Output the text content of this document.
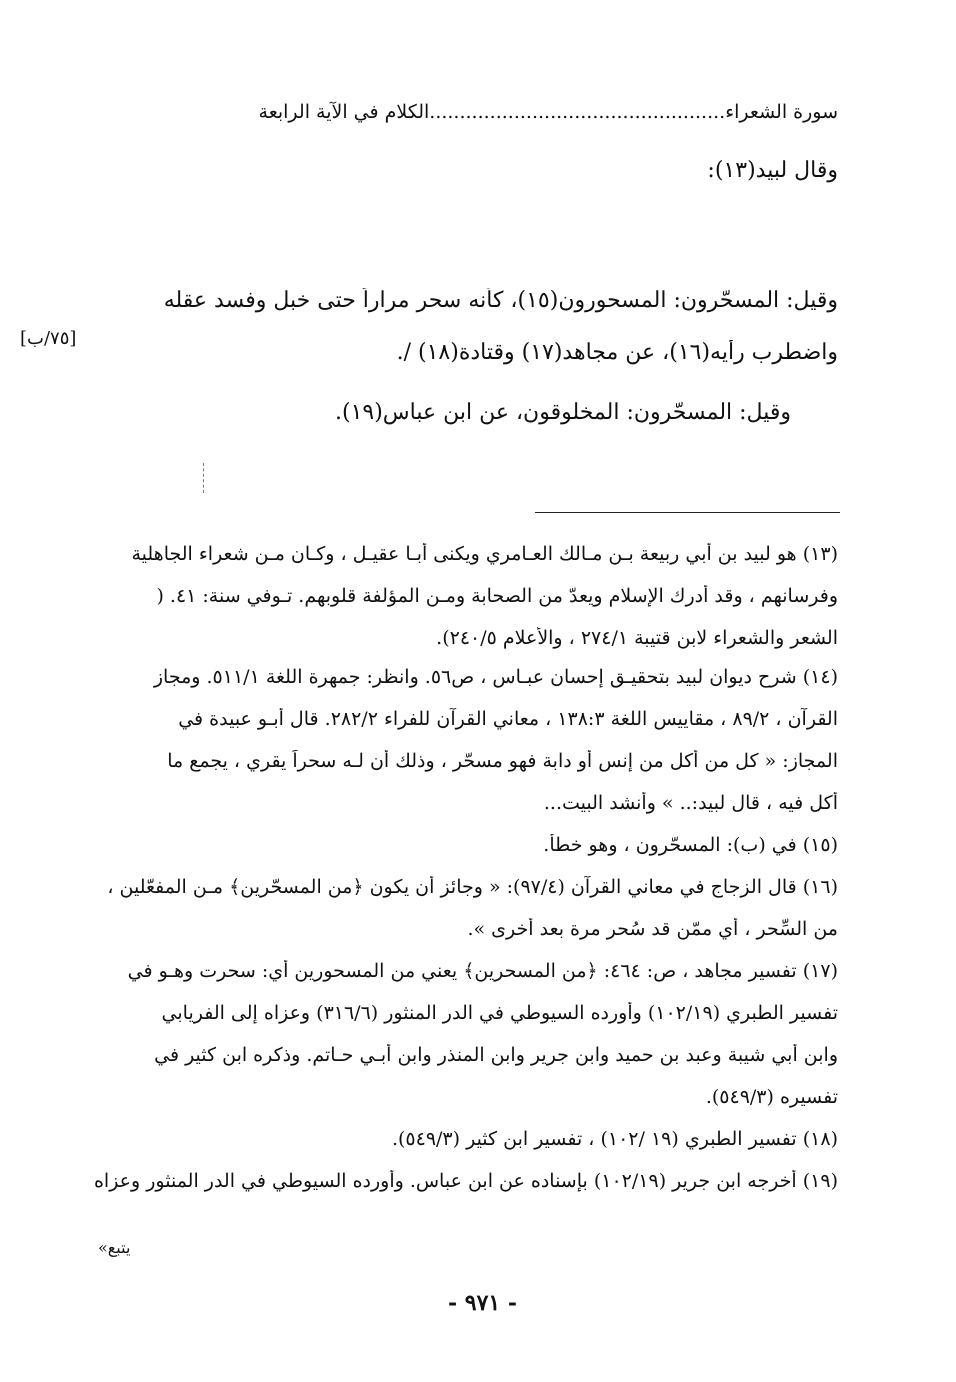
سورة الشعراء.................................................الكلام في الآية الرابعة
وقال لبيد(١٣):
وقيل: المسحّرون: المسحورون(١٥)، كأنه سحر مراراً حتى خبل وفسد عقله
واضطرب رأيه(١٦)، عن مجاهد(١٧) وقتادة(١٨) /.
[٧٥/ب]
وقيل: المسحّرون: المخلوقون، عن ابن عباس(١٩).
(١٣) هو لبيد بن أبي ربيعة بـن مـالك العـامري ويكنى أبـا عقيـل ، وكـان مـن شعراء الجاهلية
وفرسانهم ، وقد أدرك الإسلام ويعدّ من الصحابة ومـن المؤلفة قلوبهم. تـوفي سنة: ٤١. (
الشعر والشعراء لابن قتيبة ٢٧٤/١ ، والأعلام ٢٤٠/٥).
(١٤) شرح ديوان لبيد بتحقيـق إحسان عبـاس ، ص٥٦. وانظر: جمهرة اللغة ٥١١/١. ومجاز
القرآن ، ٨٩/٢ ، مقاييس اللغة ١٣٨:٣ ، معاني القرآن للفراء ٢٨٢/٢. قال أبـو عبيدة في
المجاز: « كل من أكل من إنس أو دابة فهو مسحّر ، وذلك أن لـه سحراً يقري ، يجمع ما
أكل فيه ، قال لبيد:.. » وأنشد البيت...
(١٥) في (ب): المسحّرون ، وهو خطأ.
(١٦) قال الزجاج في معاني القرآن (٩٧/٤): « وجائز أن يكون ﴿من المسحّرين﴾ مـن المفعّلين ،
من السِّحر ، أي ممّن قد سُحر مرة بعد أخرى ».
(١٧) تفسير مجاهد ، ص: ٤٦٤: ﴿من المسحرين﴾ يعني من المسحورين أي: سحرت وهـو في
تفسير الطبري (١٠٢/١٩) وأورده السيوطي في الدر المنثور (٣١٦/٦) وعزاه إلى الفريابي
وابن أبي شيبة وعبد بن حميد وابن جرير وابن المنذر وابن أبـي حـاتم. وذكره ابن كثير في
تفسيره (٥٤٩/٣).
(١٨) تفسير الطبري (١٩ /١٠٢) ، تفسير ابن كثير (٥٤٩/٣).
(١٩) أخرجه ابن جرير (١٠٢/١٩) بإسناده عن ابن عباس. وأورده السيوطي في الدر المنثور وعزاه
يتبع»
- ٩٧١ -
